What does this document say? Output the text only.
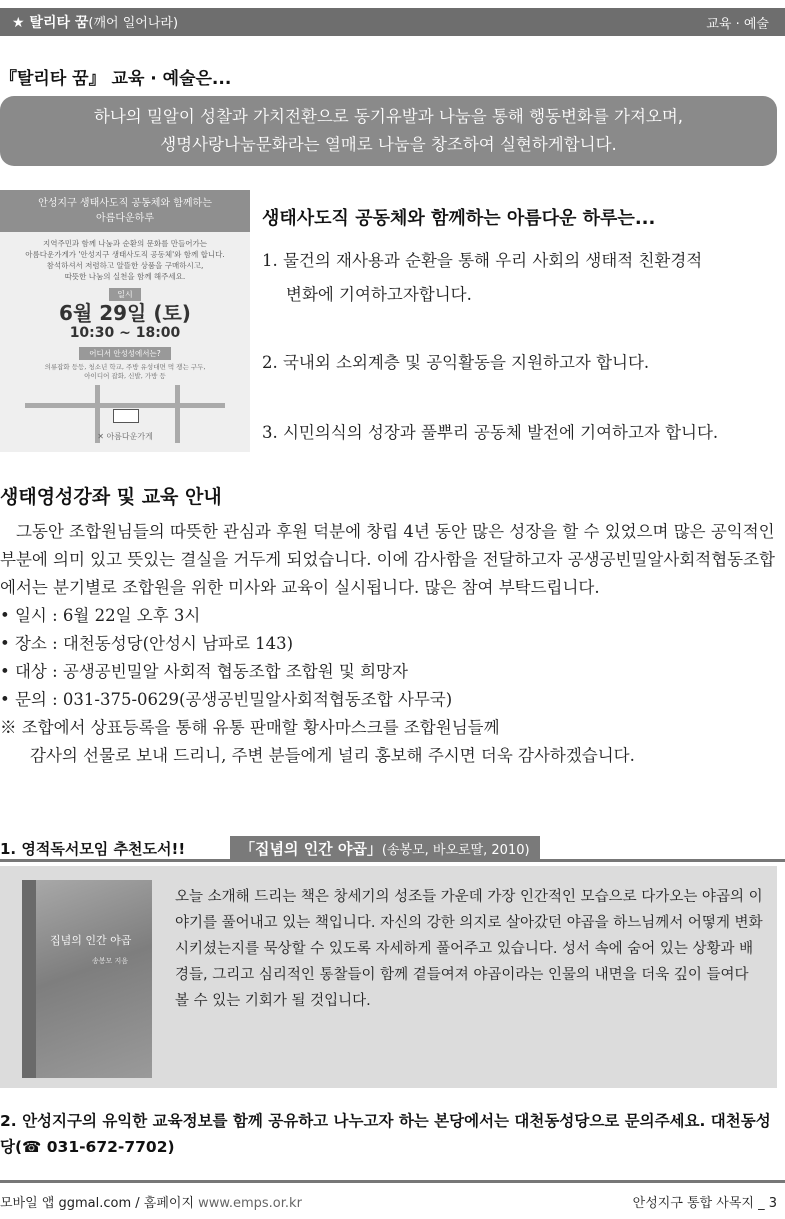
★ 탈리타 꿈(깨어 일어나라)	교육 · 예술
『탈리타 꿈』 교육 · 예술은...
하나의 밀알이 성찰과 가치전환으로 동기유발과 나눔을 통해 행동변화를 가져오며,
생명사랑나눔문화라는 열매로 나눔을 창조하여 실현하게합니다.
안성지구 생태사도직 공동체와 함께하는
아름다운하루
지역주민과 함께 나눔과 순환의 문화를 만들어가는
아름다운가게가 '안성지구 생태사도직 공동체'와 함께 합니다.
참석하셔서 저렴하고 알뜰한 상품을 구매하시고,
따뜻한 나눔의 실천을 함께 해주세요.
일시
6월 29일 (토)
10:30 ~ 18:00
어디서 안성성에서는?
의류잡화 등등, 청소년 학교, 주방 유성대면 먹 쟁는 구두,
아이디어 잡화, 신발, 가방 등
✕ 아름다운가게
생태사도직 공동체와 함께하는 아름다운 하루는...
1. 물건의 재사용과 순환을 통해 우리 사회의 생태적 친환경적
변화에 기여하고자합니다.
2. 국내외 소외계층 및 공익활동을 지원하고자 합니다.
3. 시민의식의 성장과 풀뿌리 공동체 발전에 기여하고자 합니다.
생태영성강좌 및 교육 안내
그동안 조합원님들의 따뜻한 관심과 후원 덕분에 창립 4년 동안 많은 성장을 할 수 있었으며 많은 공익적인 부분에 의미 있고 뜻있는 결실을 거두게 되었습니다. 이에 감사함을 전달하고자 공생공빈밀알사회적협동조합에서는 분기별로 조합원을 위한 미사와 교육이 실시됩니다. 많은 참여 부탁드립니다.
• 일시 : 6월 22일 오후 3시
• 장소 : 대천동성당(안성시 남파로 143)
• 대상 : 공생공빈밀알 사회적 협동조합 조합원 및 희망자
• 문의 : 031-375-0629(공생공빈밀알사회적협동조합 사무국)
※ 조합에서 상표등록을 통해 유통 판매할 황사마스크를 조합원님들께
감사의 선물로 보내 드리니, 주변 분들에게 널리 홍보해 주시면 더욱 감사하겠습니다.
1. 영적독서모임 추천도서!!	「집념의 인간 야곱」(송봉모, 바오로딸, 2010)
집념의 인간 야곱
송봉모 지음
오늘 소개해 드리는 책은 창세기의 성조들 가운데 가장 인간적인 모습으로 다가오는 야곱의 이야기를 풀어내고 있는 책입니다. 자신의 강한 의지로 살아갔던 야곱을 하느님께서 어떻게 변화시키셨는지를 묵상할 수 있도록 자세하게 풀어주고 있습니다. 성서 속에 숨어 있는 상황과 배경들, 그리고 심리적인 통찰들이 함께 곁들여져 야곱이라는 인물의 내면을 더욱 깊이 들여다 볼 수 있는 기회가 될 것입니다.
2. 안성지구의 유익한 교육정보를 함께 공유하고 나누고자 하는 본당에서는 대천동성당으로 문의주세요. 대천동성당(☎ 031-672-7702)
모바일 앱 ggmal.com / 홈페이지 www.emps.or.kr	안성지구 통합 사목지 _ 3
